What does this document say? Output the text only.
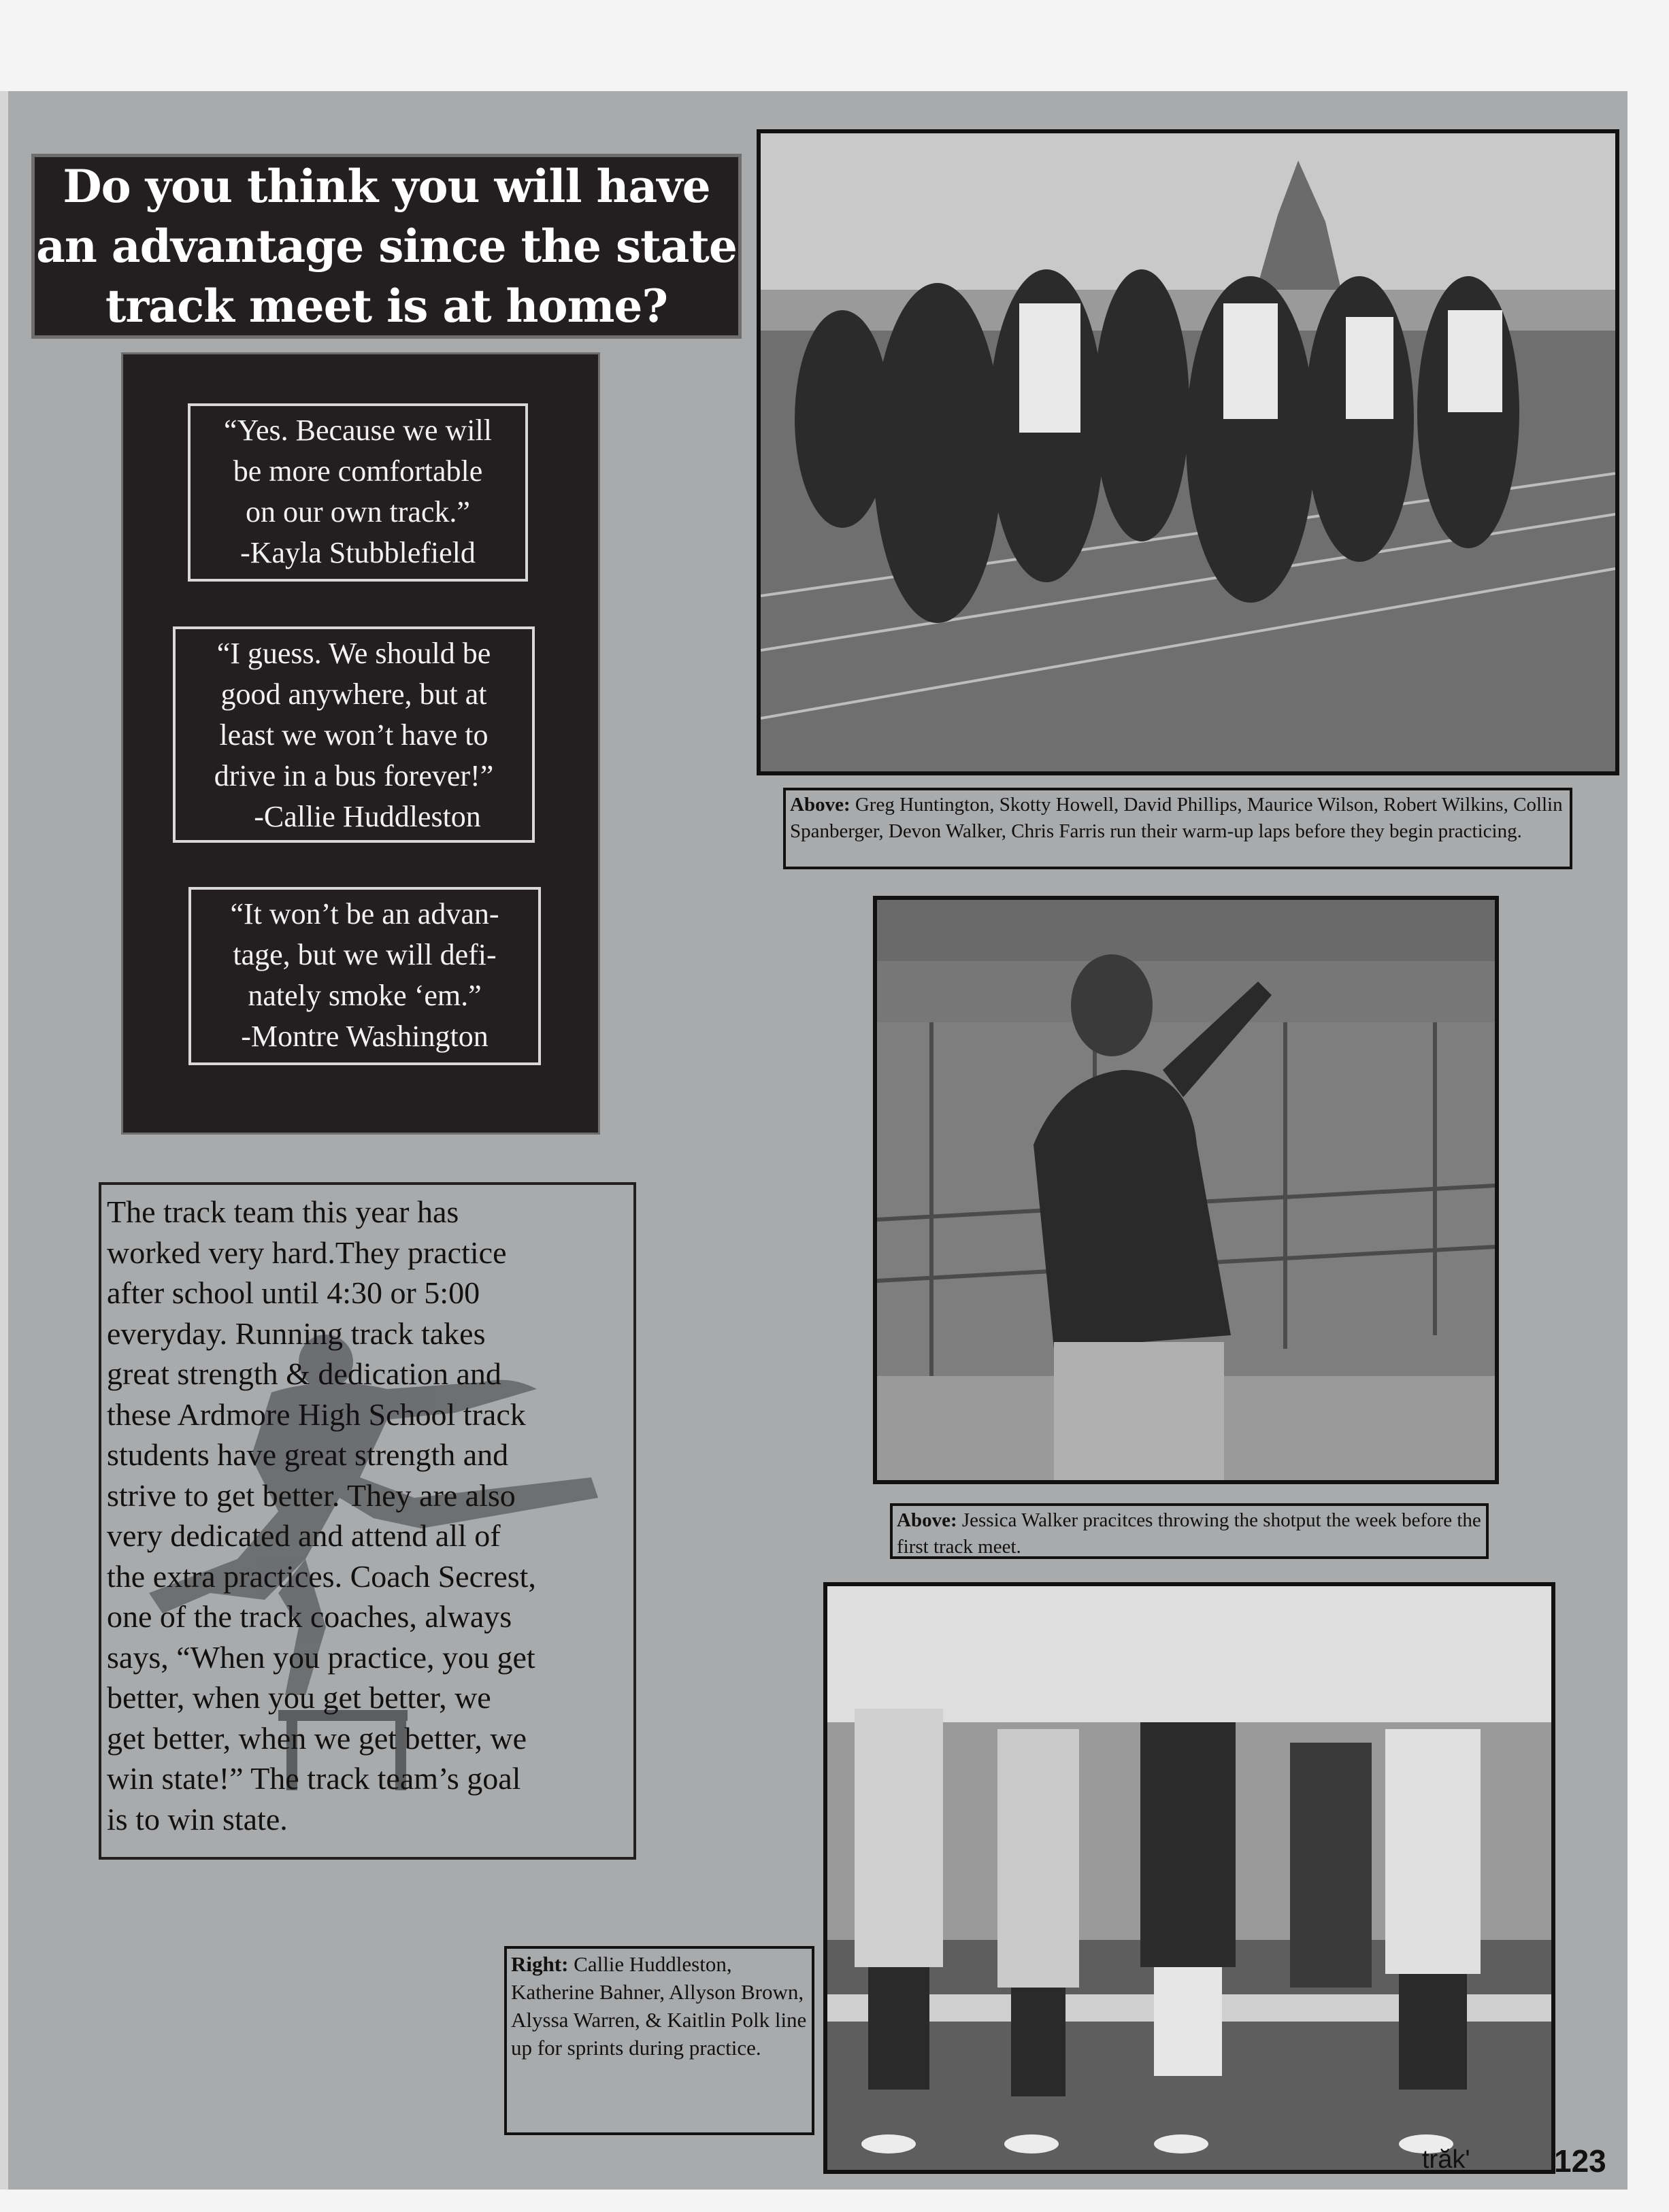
Do you think you will have
an advantage since the state
track meet is at home?

“Yes. Because we will

be more comfortable

on our own track.”

-Kayla Stubblefield

“I guess. We should be

good anywhere, but at

least we won’t have to

drive in a bus forever!”

-Callie Huddleston

“It won’t be an advan-

tage, but we will defi-

nately smoke ‘em.”

-Montre Washington

The track team this year has
worked very hard.They practice
after school until 4:30 or 5:00
everyday. Running track takes
great strength & dedication and
these Ardmore High School track
students have great strength and
strive to get better. They are also
very dedicated and attend all of
the extra practices. Coach Secrest,
one of the track coaches, always
says, “When you practice, you get
better, when you get better, we
get better, when we get better, we
win state!” The track team’s goal
is to win state.

Above: Greg Huntington, Skotty Howell, David Phillips, Maurice Wilson, Robert Wilkins, Collin Spanberger, Devon Walker, Chris Farris run their warm-up laps before they begin practicing.
Above: Jessica Walker pracitces throwing the shotput the week before the first track meet.
Right: Callie Huddleston, Katherine Bahner, Allyson Brown, Alyssa Warren, & Kaitlin Polk line up for sprints during practice.
trăk'	123
